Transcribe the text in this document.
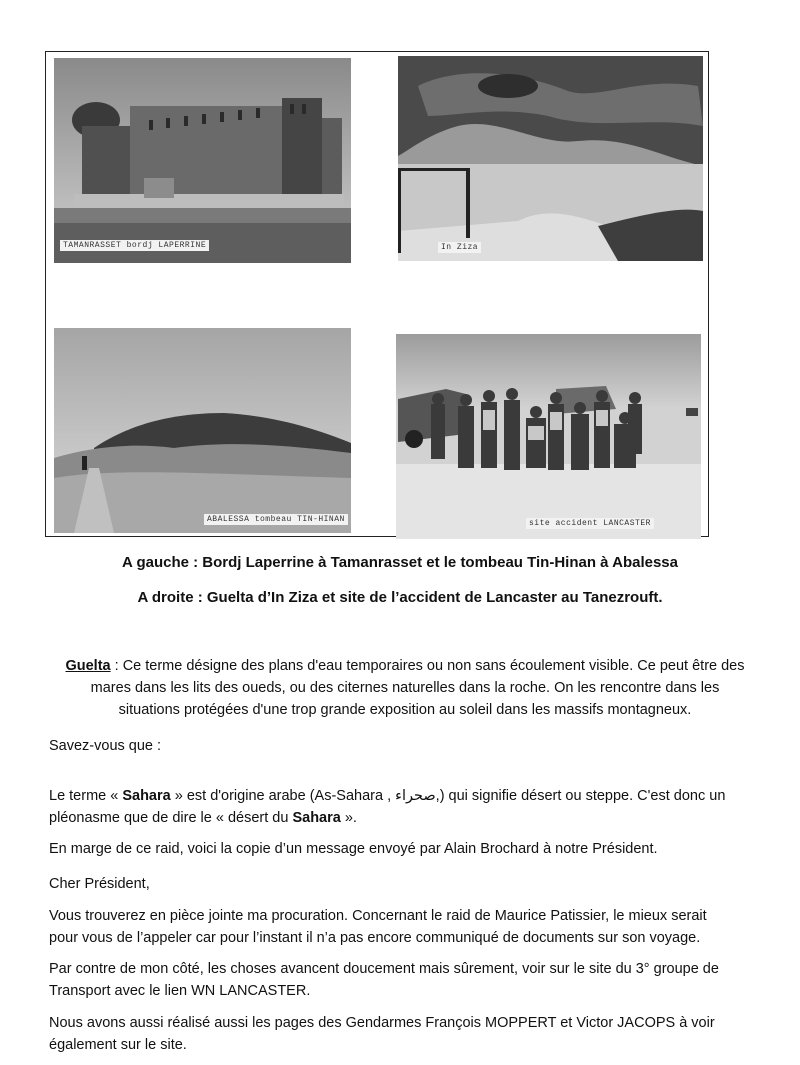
TAMANRASSET bordj LAPERRINE	In Ziza
ABALESSA tombeau TIN-HINAN	site accident LANCASTER
A gauche : Bordj Laperrine à Tamanrasset et le tombeau Tin-Hinan à Abalessa
A droite : Guelta d’In Ziza et site de l’accident de Lancaster au Tanezrouft.
Guelta : Ce terme désigne des plans d'eau temporaires ou non sans écoulement visible. Ce peut être des
mares dans les lits des oueds, ou des citernes naturelles dans la roche. On les rencontre dans les
situations protégées d'une trop grande exposition au soleil dans les massifs montagneux.
Savez-vous que :
Le terme « Sahara » est d'origine arabe (As-Sahara , صحراء,) qui signifie désert ou steppe. C'est donc un
pléonasme que de dire le « désert du Sahara ».
En marge de ce raid, voici la copie d’un message envoyé par Alain Brochard à notre Président.
Cher Président,
Vous trouverez en pièce jointe ma procuration. Concernant le raid de Maurice Patissier, le mieux serait
pour vous de l’appeler car pour l’instant il n’a pas encore communiqué de documents sur son voyage.
Par contre de mon côté, les choses avancent doucement mais sûrement, voir sur le site du 3° groupe de
Transport avec le lien WN LANCASTER.
Nous avons aussi réalisé aussi les pages des Gendarmes François MOPPERT et Victor JACOPS à voir
également sur le site.
